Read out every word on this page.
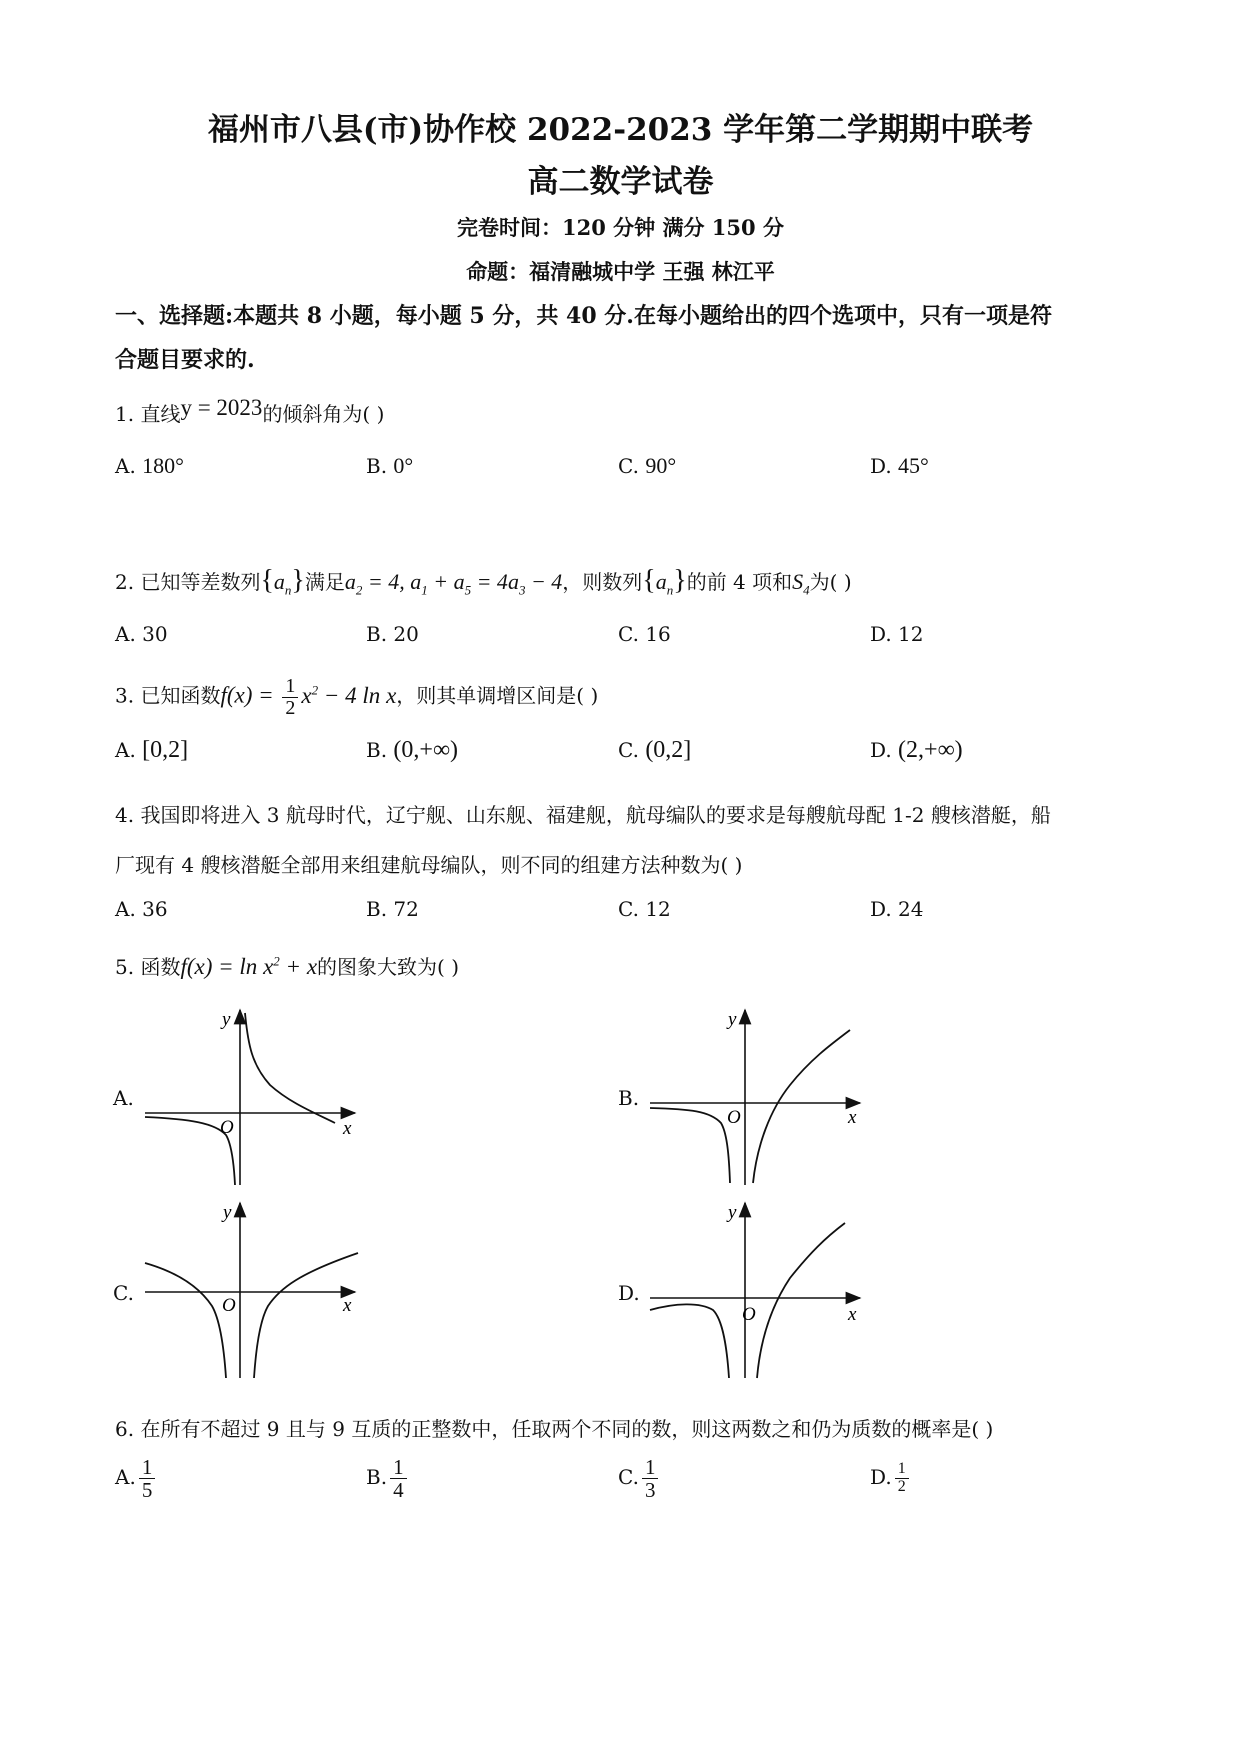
福州市八县(市)协作校 2022-2023 学年第二学期期中联考
高二数学试卷
完卷时间：120 分钟 满分 150 分
命题：福清融城中学 王强 林江平
一、选择题:本题共 8 小题，每小题 5 分，共 40 分.在每小题给出的四个选项中，只有一项是符
合题目要求的.
1. 直线y = 2023的倾斜角为( )
A. 180°	B. 0°	C. 90°	D. 45°
2. 已知等差数列$\{a_n\}$满足$a_2 = 4$, $a_1 + a_5 = 4a_3 - 4$，则数列$\{a_n\}$的前 4 项和$S_4$为( )
A. 30	B. 20	C. 16	D. 12
3. 已知函数$f(x) = \frac{1}{2} x^2 - 4$ ln x，则其单调增区间是( )
A. [0,2]	B. (0,+∞)	C. (0,2]	D. (2,+∞)
4. 我国即将进入 3 航母时代，辽宁舰、山东舰、福建舰，航母编队的要求是每艘航母配 1-2 艘核潜艇，船
厂现有 4 艘核潜艇全部用来组建航母编队，则不同的组建方法种数为( )
A. 36	B. 72	C. 12	D. 24
5. 函数$f(x) = \ln x^2 + x$的图象大致为( )
A.	B.
C.	D.
y
O	x
y
O	x
y
O	x
y
O	x
6. 在所有不超过 9 且与 9 互质的正整数中，任取两个不同的数，则这两数之和仍为质数的概率是( )
A. $\frac{1}{5}$	B. $\frac{1}{4}$	C. $\frac{1}{3}$	D. $\frac{1}{2}$
